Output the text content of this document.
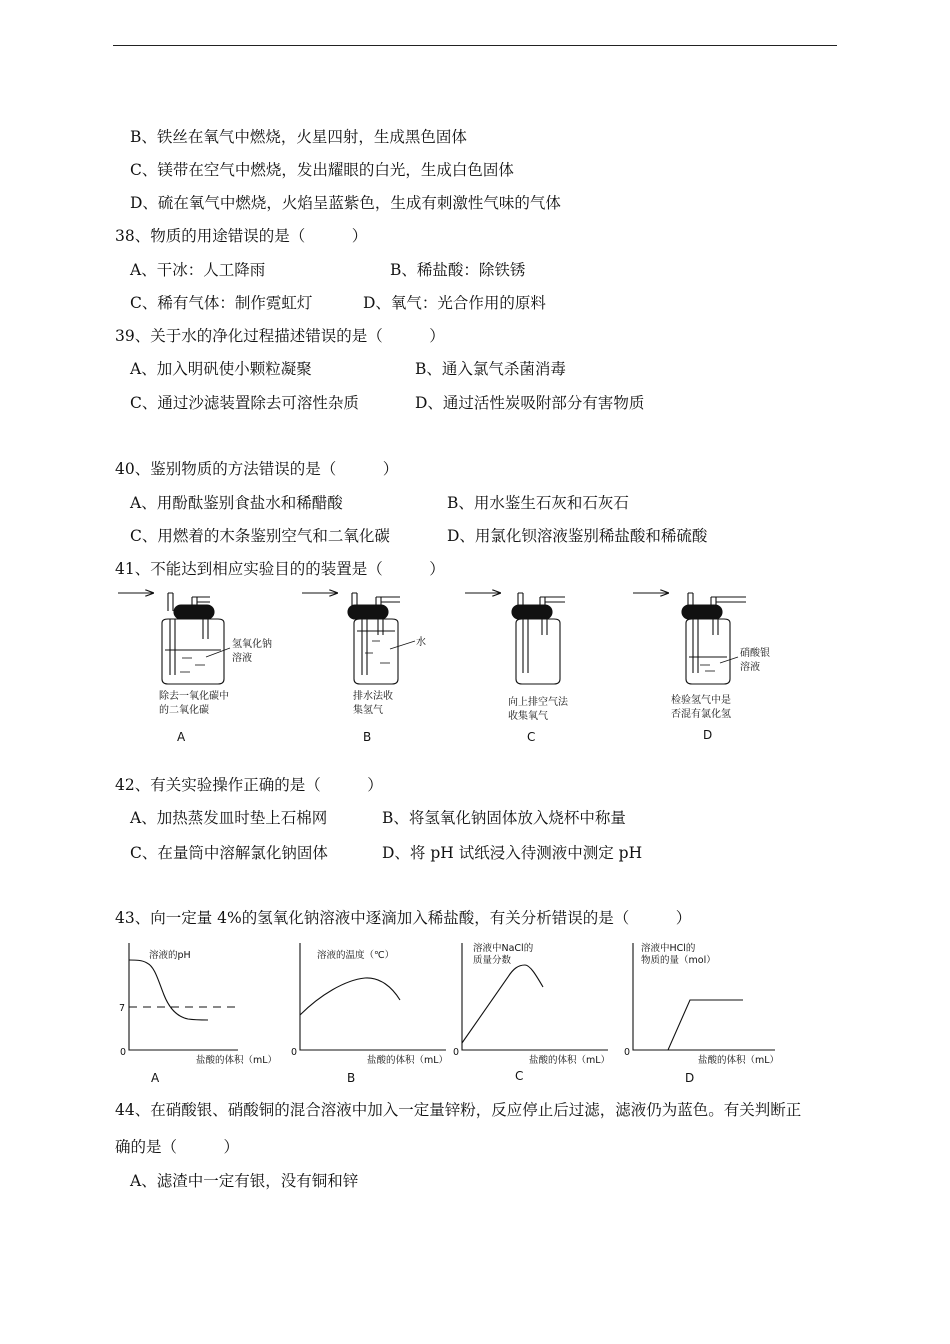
B、铁丝在氧气中燃烧，火星四射，生成黑色固体
C、镁带在空气中燃烧，发出耀眼的白光，生成白色固体
D、硫在氧气中燃烧，火焰呈蓝紫色，生成有刺激性气味的气体
38、物质的用途错误的是（　　　）
A、干冰：人工降雨	B、稀盐酸：除铁锈
C、稀有气体：制作霓虹灯	D、氧气：光合作用的原料
39、关于水的净化过程描述错误的是（　　　）
A、加入明矾使小颗粒凝聚	B、通入氯气杀菌消毒
C、通过沙滤装置除去可溶性杂质	D、通过活性炭吸附部分有害物质
40、鉴别物质的方法错误的是（　　　）
A、用酚酞鉴别食盐水和稀醋酸	B、用水鉴生石灰和石灰石
C、用燃着的木条鉴别空气和二氧化碳	D、用氯化钡溶液鉴别稀盐酸和稀硫酸
41、不能达到相应实验目的的装置是（　　　）
氢氧化钠
溶液
除去一氧化碳中
的二氧化碳
A
水
排水法收
集氢气
B
向上排空气法
收集氧气
C
硝酸银
溶液
检验氢气中是
否混有氯化氢
D
42、有关实验操作正确的是（　　　）
A、加热蒸发皿时垫上石棉网	B、将氢氧化钠固体放入烧杯中称量
C、在量筒中溶解氯化钠固体	D、将 pH 试纸浸入待测液中测定 pH
43、向一定量 4%的氢氧化钠溶液中逐滴加入稀盐酸，有关分析错误的是（　　　）
溶液的pH
7
0
盐酸的体积（mL）
A
溶液的温度（℃）
0
盐酸的体积（mL）
B
溶液中NaCl的
质量分数
0
盐酸的体积（mL）
C
溶液中HCl的
物质的量（mol）
0
盐酸的体积（mL）
D
44、在硝酸银、硝酸铜的混合溶液中加入一定量锌粉，反应停止后过滤，滤液仍为蓝色。有关判断正
确的是（　　　）
A、滤渣中一定有银，没有铜和锌
